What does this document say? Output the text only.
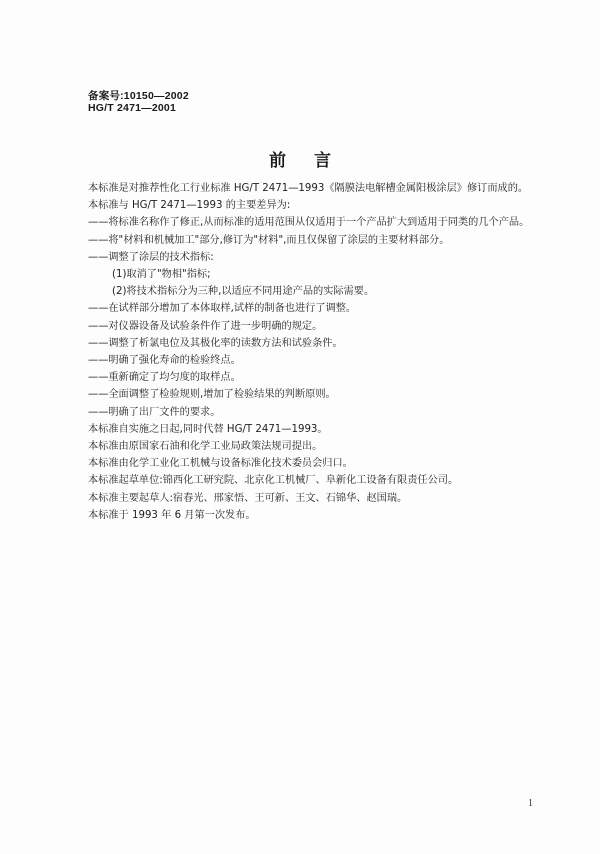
备案号:10150—2002
HG/T 2471—2001
前言

本标准是对推荐性化工行业标准 HG/T 2471—1993《隔膜法电解槽金属阳极涂层》修订而成的。

本标准与 HG/T 2471—1993 的主要差异为:

——将标准名称作了修正,从而标准的适用范围从仅适用于一个产品扩大到适用于同类的几个产品。

——将"材料和机械加工"部分,修订为"材料",而且仅保留了涂层的主要材料部分。

——调整了涂层的技术指标:

(1)取消了"物相"指标;

(2)将技术指标分为三种,以适应不同用途产品的实际需要。

——在试样部分增加了本体取样,试样的制备也进行了调整。

——对仪器设备及试验条件作了进一步明确的规定。

——调整了析氯电位及其极化率的读数方法和试验条件。

——明确了强化寿命的检验终点。

——重新确定了均匀度的取样点。

——全面调整了检验规则,增加了检验结果的判断原则。

——明确了出厂文件的要求。

本标准自实施之日起,同时代替 HG/T 2471—1993。

本标准由原国家石油和化学工业局政策法规司提出。

本标准由化学工业化工机械与设备标准化技术委员会归口。

本标准起草单位:锦西化工研究院、北京化工机械厂、阜新化工设备有限责任公司。

本标准主要起草人:宿春光、邢家悟、王可新、王文、石锦华、赵国瑞。

本标准于 1993 年 6 月第一次发布。

1
